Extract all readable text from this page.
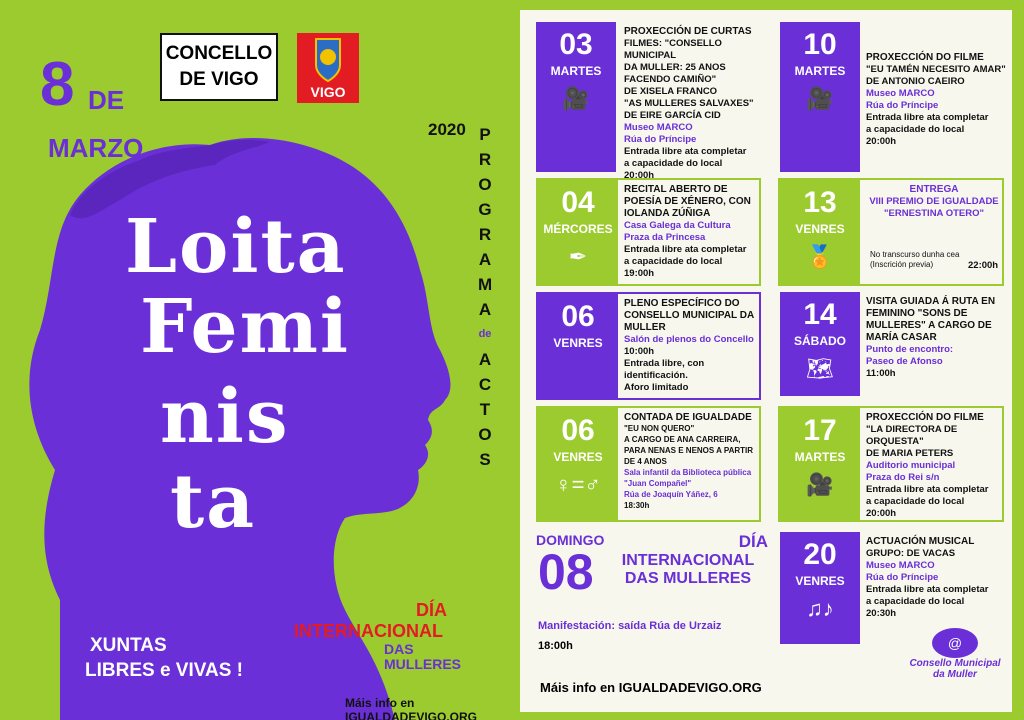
8 DE
MARZO
CONCELLO DE VIGO
VIGO
2020 P
R
O
G
R
A
M
A
de
A
C
T
O
S
Loita
Femi
nis
ta
XUNTAS
LIBRES e VIVAS !
DÍA
INTERNACIONAL
DAS
MULLERES
Máis info en IGUALDADEVIGO.ORG
03
MARTES
🎥
PROXECCIÓN DE CURTAS
FILMES: "CONSELLO MUNICIPAL
DA MULLER: 25 ANOS FACENDO CAMIÑO"
DE XISELA FRANCO
"AS MULLERES SALVAXES"
DE EIRE GARCÍA CID
Museo MARCO
Rúa do Príncipe
Entrada libre ata completar
a capacidade do local
20:00h
04
MÉRCORES
✒
RECITAL ABERTO DE POESÍA DE XÉNERO, CON IOLANDA ZÚÑIGA
Casa Galega da Cultura
Praza da Princesa
Entrada libre ata completar
a capacidade do local
19:00h
06
VENRES
PLENO ESPECÍFICO DO CONSELLO MUNICIPAL DA MULLER
Salón de plenos do Concello
10:00h
Entrada libre, con identificación.
Aforo limitado
06
VENRES
♀=♂
CONTADA DE IGUALDADE
"EU NON QUERO"
A CARGO DE ANA CARREIRA,
PARA NENAS E NENOS A PARTIR DE 4 ANOS
Sala infantil da Biblioteca pública
"Juan Compañel"
Rúa de Joaquín Yáñez, 6
18:30h
10
MARTES
🎥
PROXECCIÓN DO FILME
"EU TAMÉN NECESITO AMAR"
DE ANTONIO CAEIRO
Museo MARCO
Rúa do Príncipe
Entrada libre ata completar
a capacidade do local
20:00h
13
VENRES
🏅
ENTREGA
VIII PREMIO DE IGUALDADE
"ERNESTINA OTERO"
No transcurso dunha cea
(Inscrición previa)	22:00h
14
SÁBADO
🗺
VISITA GUIADA Á RUTA EN FEMININO "SONS DE MULLERES" A CARGO DE MARÍA CASAR
Punto de encontro:
Paseo de Afonso
11:00h
17
MARTES
🎥
PROXECCIÓN DO FILME
"LA DIRECTORA DE ORQUESTA"
DE MARIA PETERS
Auditorio municipal
Praza do Rei s/n
Entrada libre ata completar
a capacidade do local
20:00h
20
VENRES
♫♪
ACTUACIÓN MUSICAL
GRUPO: DE VACAS
Museo MARCO
Rúa do Príncipe
Entrada libre ata completar
a capacidade do local
20:30h
DOMINGO
08
DÍA
INTERNACIONAL
DAS MULLERES
Manifestación: saída Rúa de Urzaiz
18:00h
Máis info en IGUALDADEVIGO.ORG
@
Consello Municipal
da Muller
